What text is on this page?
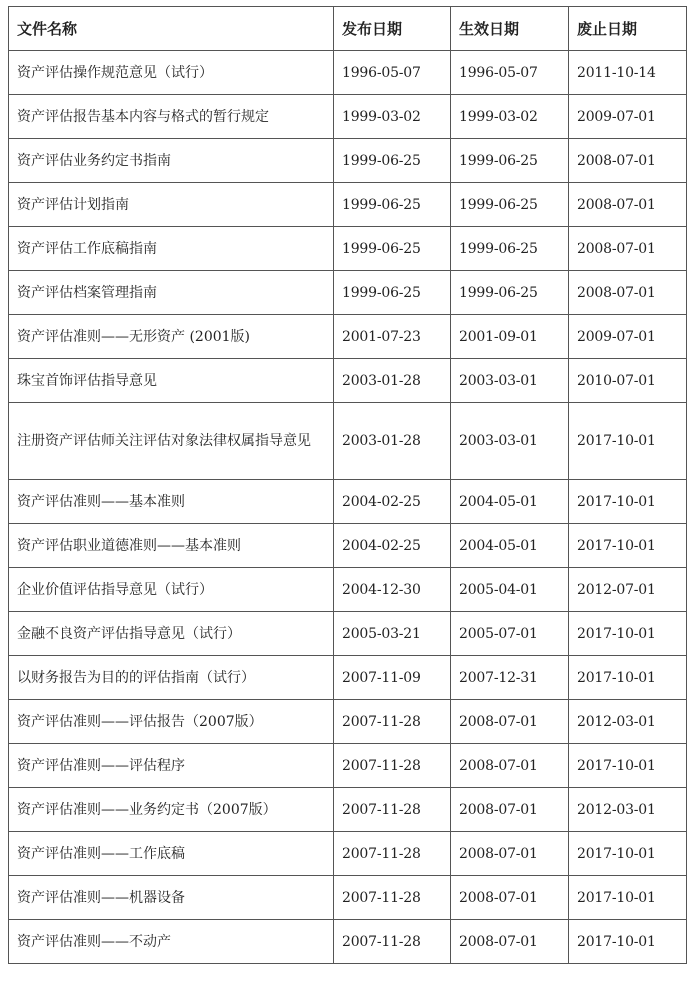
文件名称	发布日期	生效日期	废止日期
资产评估操作规范意见（试行）	1996-05-07	1996-05-07	2011-10-14
资产评估报告基本内容与格式的暂行规定	1999-03-02	1999-03-02	2009-07-01
资产评估业务约定书指南	1999-06-25	1999-06-25	2008-07-01
资产评估计划指南	1999-06-25	1999-06-25	2008-07-01
资产评估工作底稿指南	1999-06-25	1999-06-25	2008-07-01
资产评估档案管理指南	1999-06-25	1999-06-25	2008-07-01
资产评估准则——无形资产 (2001版)	2001-07-23	2001-09-01	2009-07-01
珠宝首饰评估指导意见	2003-01-28	2003-03-01	2010-07-01
注册资产评估师关注评估对象法律权属指导意见	2003-01-28	2003-03-01	2017-10-01
资产评估准则——基本准则	2004-02-25	2004-05-01	2017-10-01
资产评估职业道德准则——基本准则	2004-02-25	2004-05-01	2017-10-01
企业价值评估指导意见（试行）	2004-12-30	2005-04-01	2012-07-01
金融不良资产评估指导意见（试行）	2005-03-21	2005-07-01	2017-10-01
以财务报告为目的的评估指南（试行）	2007-11-09	2007-12-31	2017-10-01
资产评估准则——评估报告（2007版）	2007-11-28	2008-07-01	2012-03-01
资产评估准则——评估程序	2007-11-28	2008-07-01	2017-10-01
资产评估准则——业务约定书（2007版）	2007-11-28	2008-07-01	2012-03-01
资产评估准则——工作底稿	2007-11-28	2008-07-01	2017-10-01
资产评估准则——机器设备	2007-11-28	2008-07-01	2017-10-01
资产评估准则——不动产	2007-11-28	2008-07-01	2017-10-01
